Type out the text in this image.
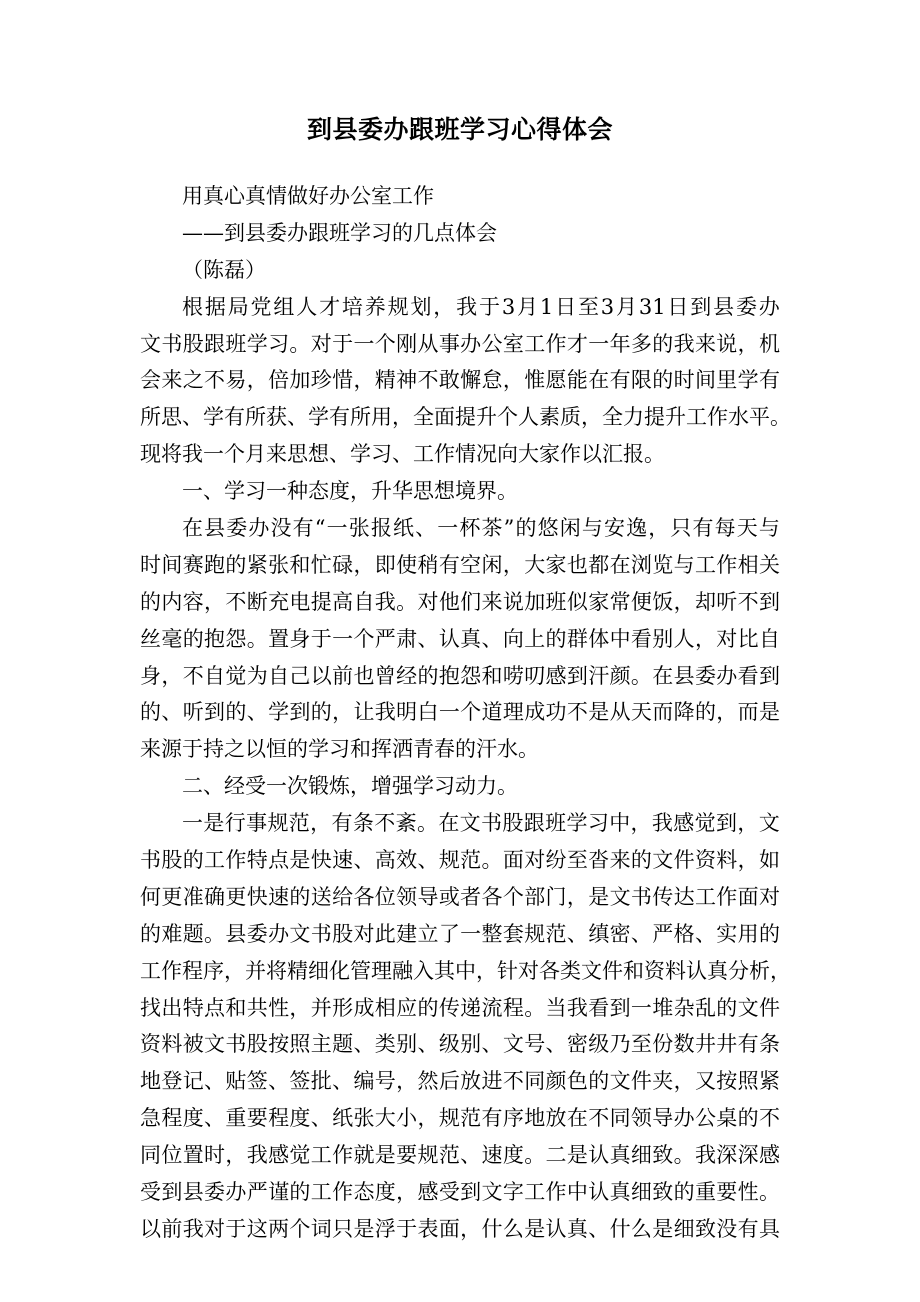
到县委办跟班学习心得体会
用真心真情做好办公室工作
——到县委办跟班学习的几点体会
（陈磊）
根 据 局 党 组 人 才 培 养 规 划 ， 我 于 3 月 1 日 至 3 月 31 日 到 县 委 办
文 书 股 跟 班 学 习 。 对 于 一 个 刚 从 事 办 公 室 工 作 才 一 年 多 的 我 来 说 ， 机
会 来 之 不 易 ， 倍 加 珍 惜 ， 精 神 不 敢 懈 怠 ， 惟 愿 能 在 有 限 的 时 间 里 学 有
所 思 、 学 有 所 获 、 学 有 所 用 ， 全 面 提 升 个 人 素 质 ， 全 力 提 升 工 作 水 平 。
现将我一个月来思想、学习、工作情况向大家作以汇报。
一、学习一种态度，升华思想境界。
在 县 委 办 没 有 “ 一 张 报 纸 、 一 杯 茶 ” 的 悠 闲 与 安 逸 ， 只 有 每 天 与
时 间 赛 跑 的 紧 张 和 忙 碌 ， 即 使 稍 有 空 闲 ， 大 家 也 都 在 浏 览 与 工 作 相 关
的 内 容 ， 不 断 充 电 提 高 自 我 。 对 他 们 来 说 加 班 似 家 常 便 饭 ， 却 听 不 到
丝 毫 的 抱 怨 。 置 身 于 一 个 严 肃 、 认 真 、 向 上 的 群 体 中 看 别 人 ， 对 比 自
身 ， 不 自 觉 为 自 己 以 前 也 曾 经 的 抱 怨 和 唠 叨 感 到 汗 颜 。 在 县 委 办 看 到
的 、 听 到 的 、 学 到 的 ， 让 我 明 白 一 个 道 理 成 功 不 是 从 天 而 降 的 ， 而 是
来源于持之以恒的学习和挥洒青春的汗水。
二、经受一次锻炼，增强学习动力。
一 是 行 事 规 范 ， 有 条 不 紊 。 在 文 书 股 跟 班 学 习 中 ， 我 感 觉 到 ， 文
书 股 的 工 作 特 点 是 快 速 、 高 效 、 规 范 。 面 对 纷 至 沓 来 的 文 件 资 料 ， 如
何 更 准 确 更 快 速 的 送 给 各 位 领 导 或 者 各 个 部 门 ， 是 文 书 传 达 工 作 面 对
的 难 题 。 县 委 办 文 书 股 对 此 建 立 了 一 整 套 规 范 、 缜 密 、 严 格 、 实 用 的
工 作 程 序 ， 并 将 精 细 化 管 理 融 入 其 中 ， 针 对 各 类 文 件 和 资 料 认 真 分 析 ，
找 出 特 点 和 共 性 ， 并 形 成 相 应 的 传 递 流 程 。 当 我 看 到 一 堆 杂 乱 的 文 件
资 料 被 文 书 股 按 照 主 题 、 类 别 、 级 别 、 文 号 、 密 级 乃 至 份 数 井 井 有 条
地 登 记 、 贴 签 、 签 批 、 编 号 ， 然 后 放 进 不 同 颜 色 的 文 件 夹 ， 又 按 照 紧
急 程 度 、 重 要 程 度 、 纸 张 大 小 ， 规 范 有 序 地 放 在 不 同 领 导 办 公 桌 的 不
同 位 置 时 ， 我 感 觉 工 作 就 是 要 规 范 、 速 度 。 二 是 认 真 细 致 。 我 深 深 感
受 到 县 委 办 严 谨 的 工 作 态 度 ， 感 受 到 文 字 工 作 中 认 真 细 致 的 重 要 性 。
以 前 我 对 于 这 两 个 词 只 是 浮 于 表 面 ， 什 么 是 认 真 、 什 么 是 细 致 没 有 具
